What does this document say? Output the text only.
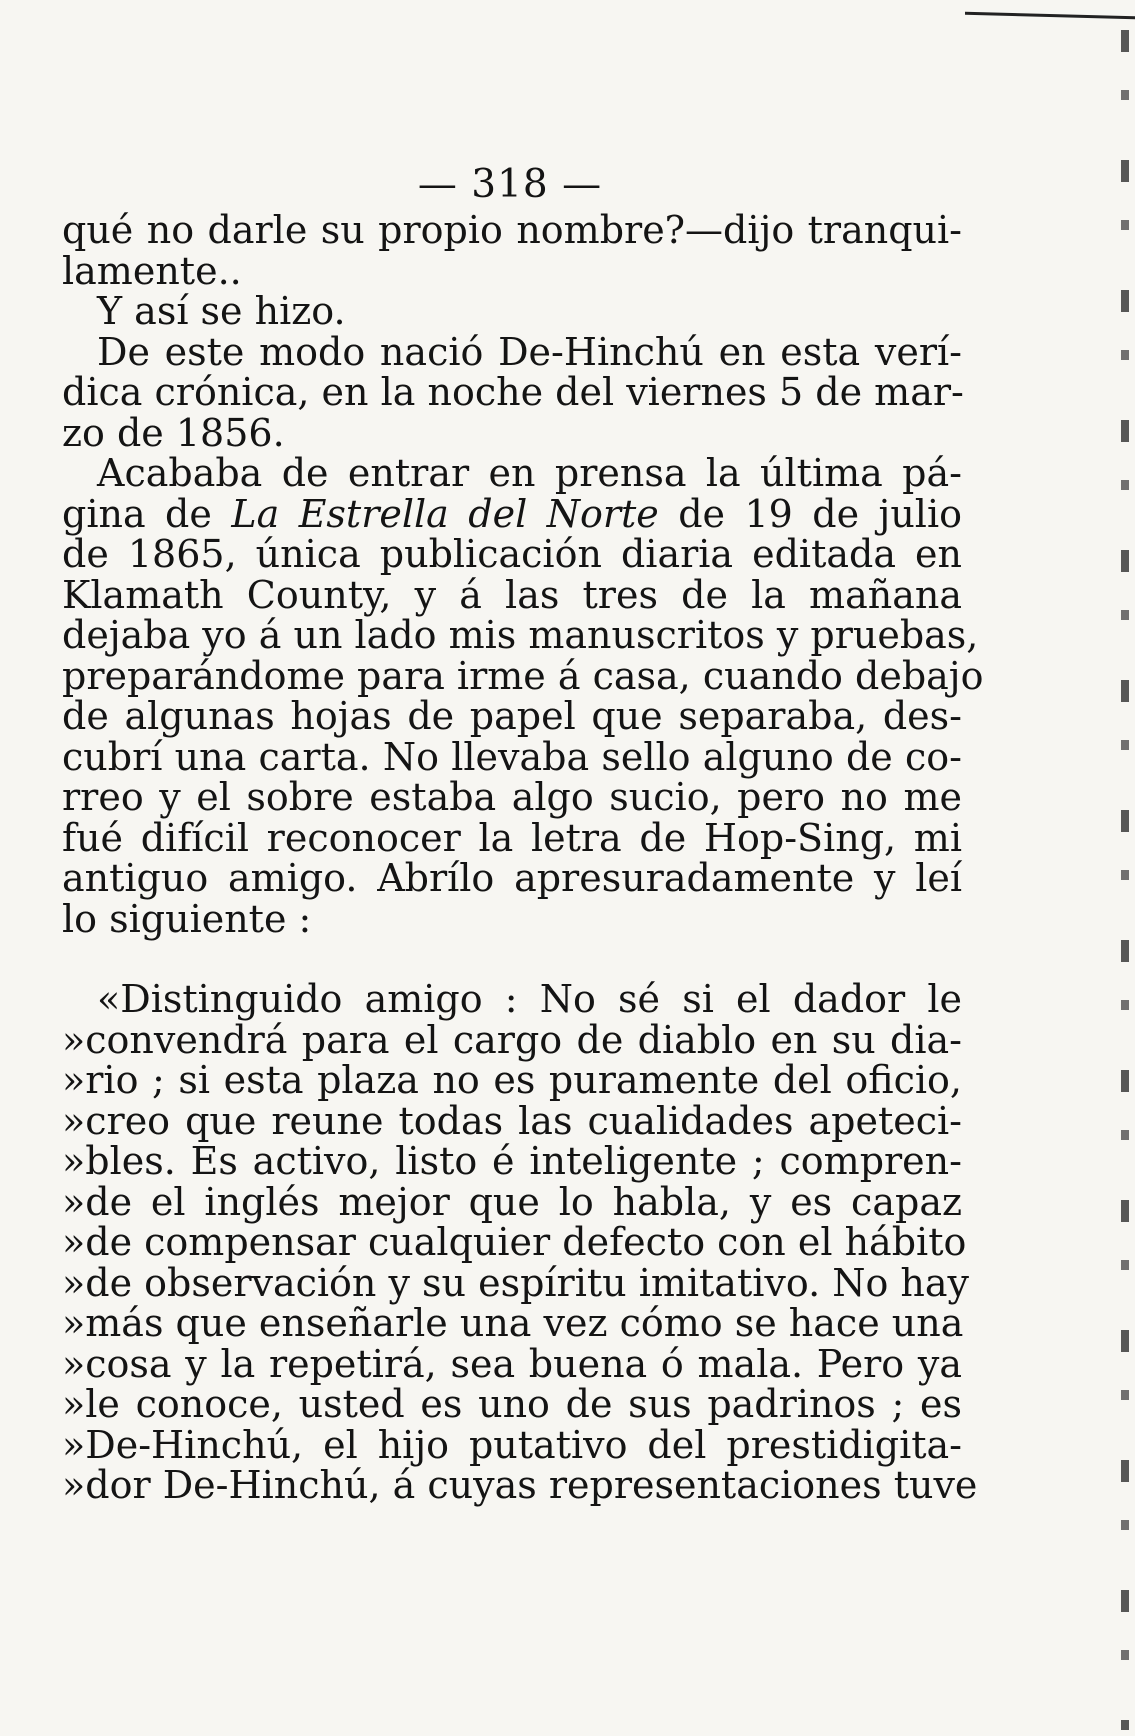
— 318 —
qué no darle su propio nombre?—dijo tranqui-
lamente..
Y así se hizo.
De este modo nació De-Hinchú en esta verí-
dica crónica, en la noche del viernes 5 de mar-
zo de 1856.
Acababa de entrar en prensa la última pá-
gina de La Estrella del Norte de 19 de julio
de 1865, única publicación diaria editada en
Klamath County, y á las tres de la mañana
dejaba yo á un lado mis manuscritos y pruebas,
preparándome para irme á casa, cuando debajo
de algunas hojas de papel que separaba, des-
cubrí una carta. No llevaba sello alguno de co-
rreo y el sobre estaba algo sucio, pero no me
fué difícil reconocer la letra de Hop-Sing, mi
antiguo amigo. Abrílo apresuradamente y leí
lo siguiente :
«Distinguido amigo : No sé si el dador le
»convendrá para el cargo de diablo en su dia-
»rio ; si esta plaza no es puramente del oficio,
»creo que reune todas las cualidades apeteci-
»bles. Es activo, listo é inteligente ; compren-
»de el inglés mejor que lo habla, y es capaz
»de compensar cualquier defecto con el hábito
»de observación y su espíritu imitativo. No hay
»más que enseñarle una vez cómo se hace una
»cosa y la repetirá, sea buena ó mala. Pero ya
»le conoce, usted es uno de sus padrinos ; es
»De-Hinchú, el hijo putativo del prestidigita-
»dor De-Hinchú, á cuyas representaciones tuve
